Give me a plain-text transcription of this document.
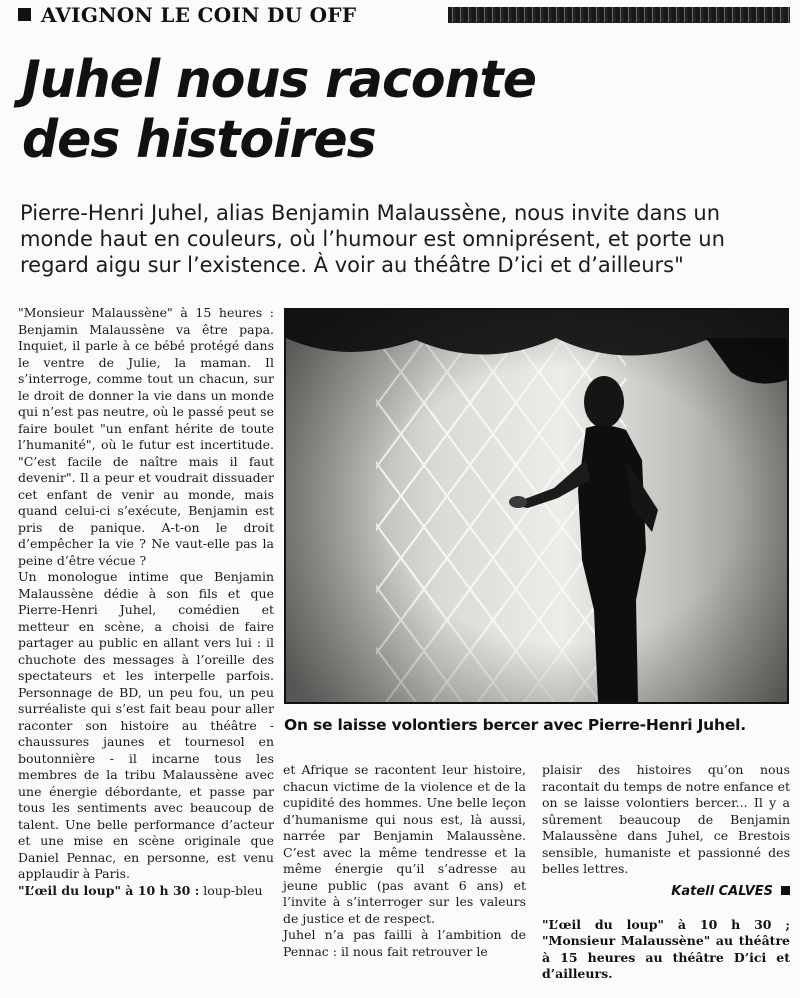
AVIGNON LE COIN DU OFF
Juhel nous raconte
des histoires
Pierre-Henri Juhel, alias Benjamin Malaussène, nous invite dans un monde haut en couleurs, où l’humour est omniprésent, et porte un regard aigu sur l’existence. À voir au théâtre D’ici et d’ailleurs"

"Monsieur Malaussène" à 15 heures : Benjamin Malaussène va être papa. Inquiet, il parle à ce bébé protégé dans le ventre de Julie, la maman. Il s’interroge, comme tout un chacun, sur le droit de donner la vie dans un monde qui n’est pas neutre, où le passé peut se faire boulet "un enfant hérite de toute l’humanité", où le futur est incertitude. "C’est facile de naître mais il faut devenir". Il a peur et voudrait dissuader cet enfant de venir au monde, mais quand celui-ci s’exécute, Benjamin est pris de panique. A-t-on le droit d’empêcher la vie ? Ne vaut-elle pas la peine d’être vécue ?

Un monologue intime que Benjamin Malaussène dédie à son fils et que Pierre-Henri Juhel, comédien et metteur en scène, a choisi de faire partager au public en allant vers lui : il chuchote des messages à l’oreille des spectateurs et les interpelle parfois. Personnage de BD, un peu fou, un peu surréaliste qui s’est fait beau pour aller raconter son histoire au théâtre - chaussures jaunes et tournesol en boutonnière - il incarne tous les membres de la tribu Malaussène avec une énergie débordante, et passe par tous les sentiments avec beaucoup de talent. Une belle performance d’acteur et une mise en scène originale que Daniel Pennac, en personne, est venu applaudir à Paris.

"L’œil du loup" à 10 h 30 : loup-bleu

On se laisse volontiers bercer avec Pierre-Henri Juhel.

et Afrique se racontent leur histoire, chacun victime de la violence et de la cupidité des hommes. Une belle leçon d’humanisme qui nous est, là aussi, narrée par Benjamin Malaussène. C’est avec la même tendresse et la même énergie qu’il s’adresse au jeune public (pas avant 6 ans) et l’invite à s’interroger sur les valeurs de justice et de respect.

Juhel n’a pas failli à l’ambition de Pennac : il nous fait retrouver le

plaisir des histoires qu’on nous racontait du temps de notre enfance et on se laisse volontiers bercer... Il y a sûrement beaucoup de Benjamin Malaussène dans Juhel, ce Brestois sensible, humaniste et passionné des belles lettres.

Katell CALVES
"L’œil du loup" à 10 h 30 ; "Monsieur Malaussène" au théâtre à 15 heures au théâtre D’ici et d’ailleurs.
